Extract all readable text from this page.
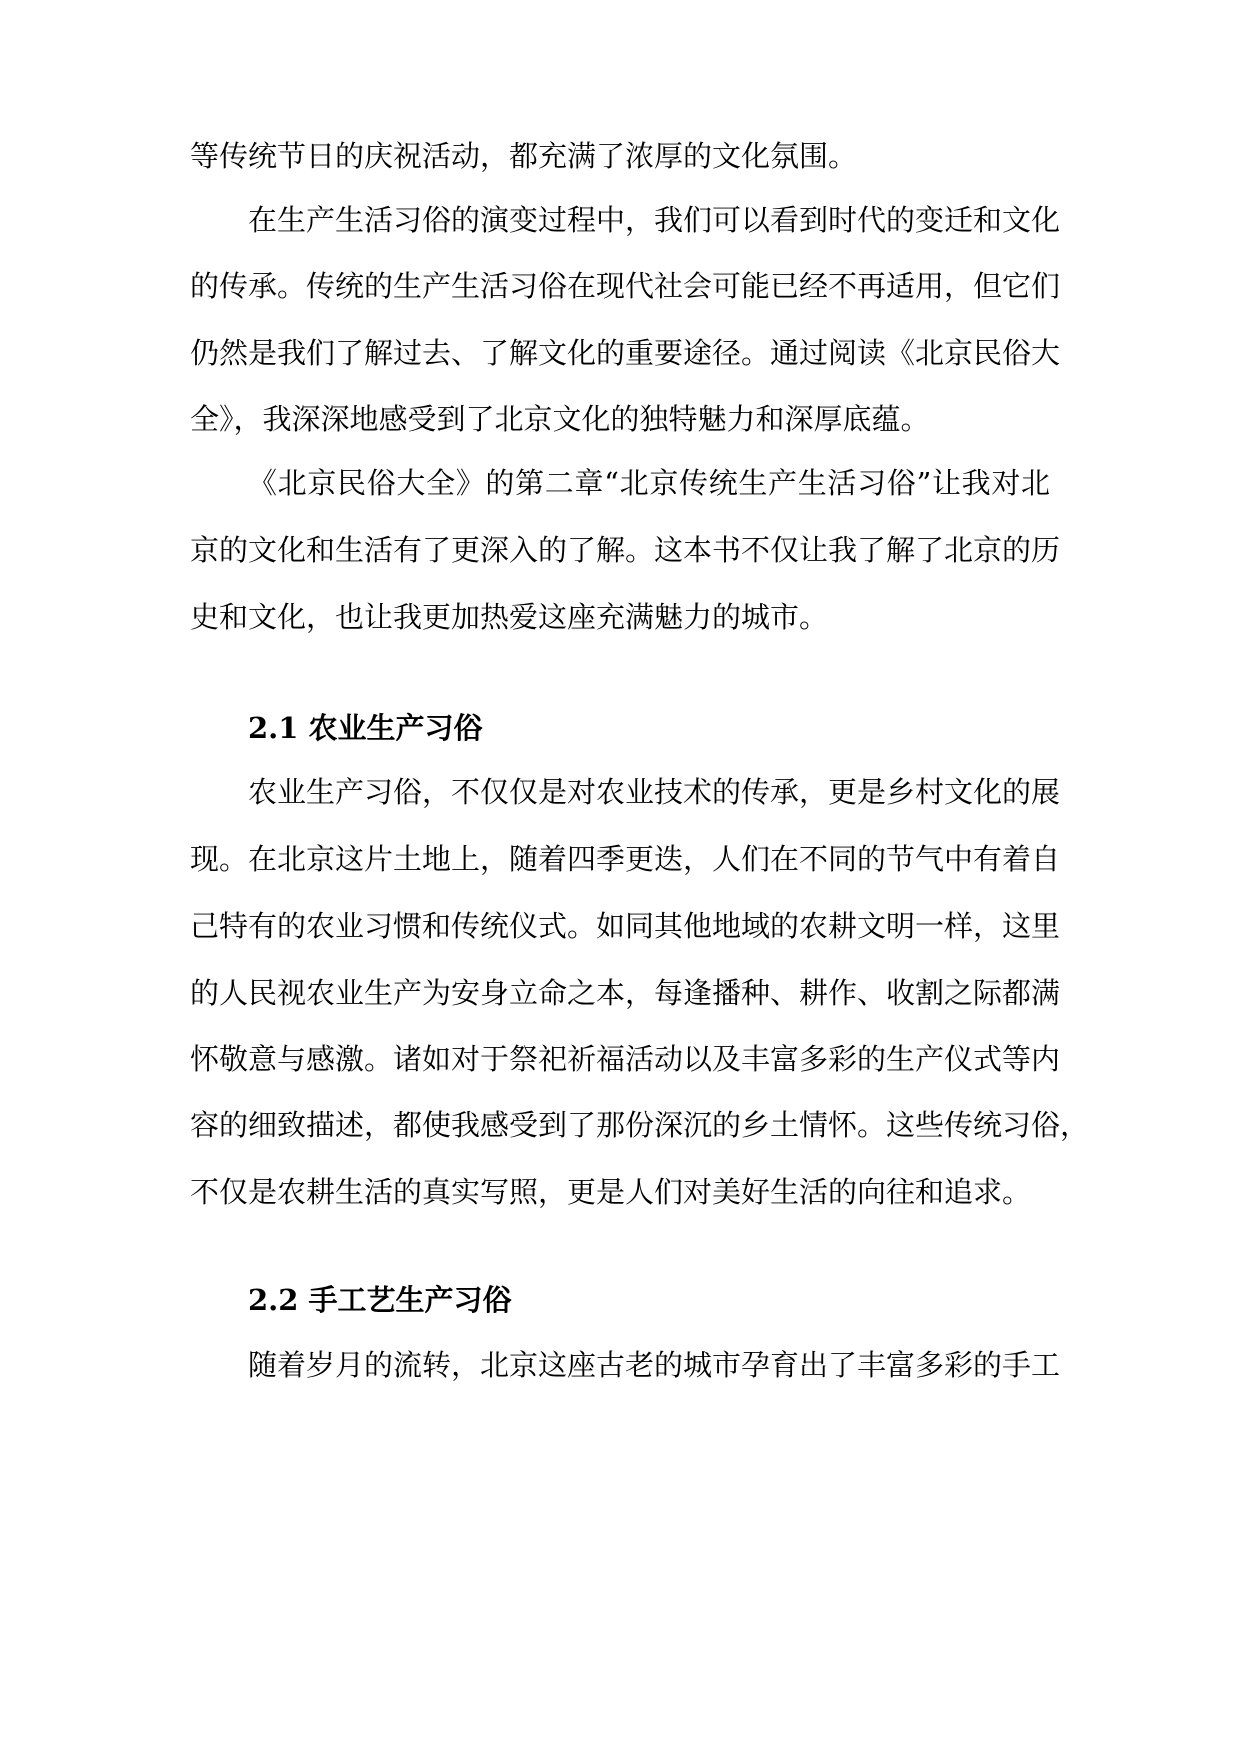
等传统节日的庆祝活动，都充满了浓厚的文化氛围。
在生产生活习俗的演变过程中，我们可以看到时代的变迁和文化
的传承。传统的生产生活习俗在现代社会可能已经不再适用，但它们
仍然是我们了解过去、了解文化的重要途径。通过阅读《北京民俗大
全》，我深深地感受到了北京文化的独特魅力和深厚底蕴。
《北京民俗大全》的第二章“北京传统生产生活习俗”让我对北
京的文化和生活有了更深入的了解。这本书不仅让我了解了北京的历
史和文化，也让我更加热爱这座充满魅力的城市。
2.1 农业生产习俗
农业生产习俗，不仅仅是对农业技术的传承，更是乡村文化的展
现。在北京这片土地上，随着四季更迭，人们在不同的节气中有着自
己特有的农业习惯和传统仪式。如同其他地域的农耕文明一样，这里
的人民视农业生产为安身立命之本，每逢播种、耕作、收割之际都满
怀敬意与感激。诸如对于祭祀祈福活动以及丰富多彩的生产仪式等内
容的细致描述，都使我感受到了那份深沉的乡土情怀。这些传统习俗，
不仅是农耕生活的真实写照，更是人们对美好生活的向往和追求。
2.2 手工艺生产习俗
随着岁月的流转，北京这座古老的城市孕育出了丰富多彩的手工
